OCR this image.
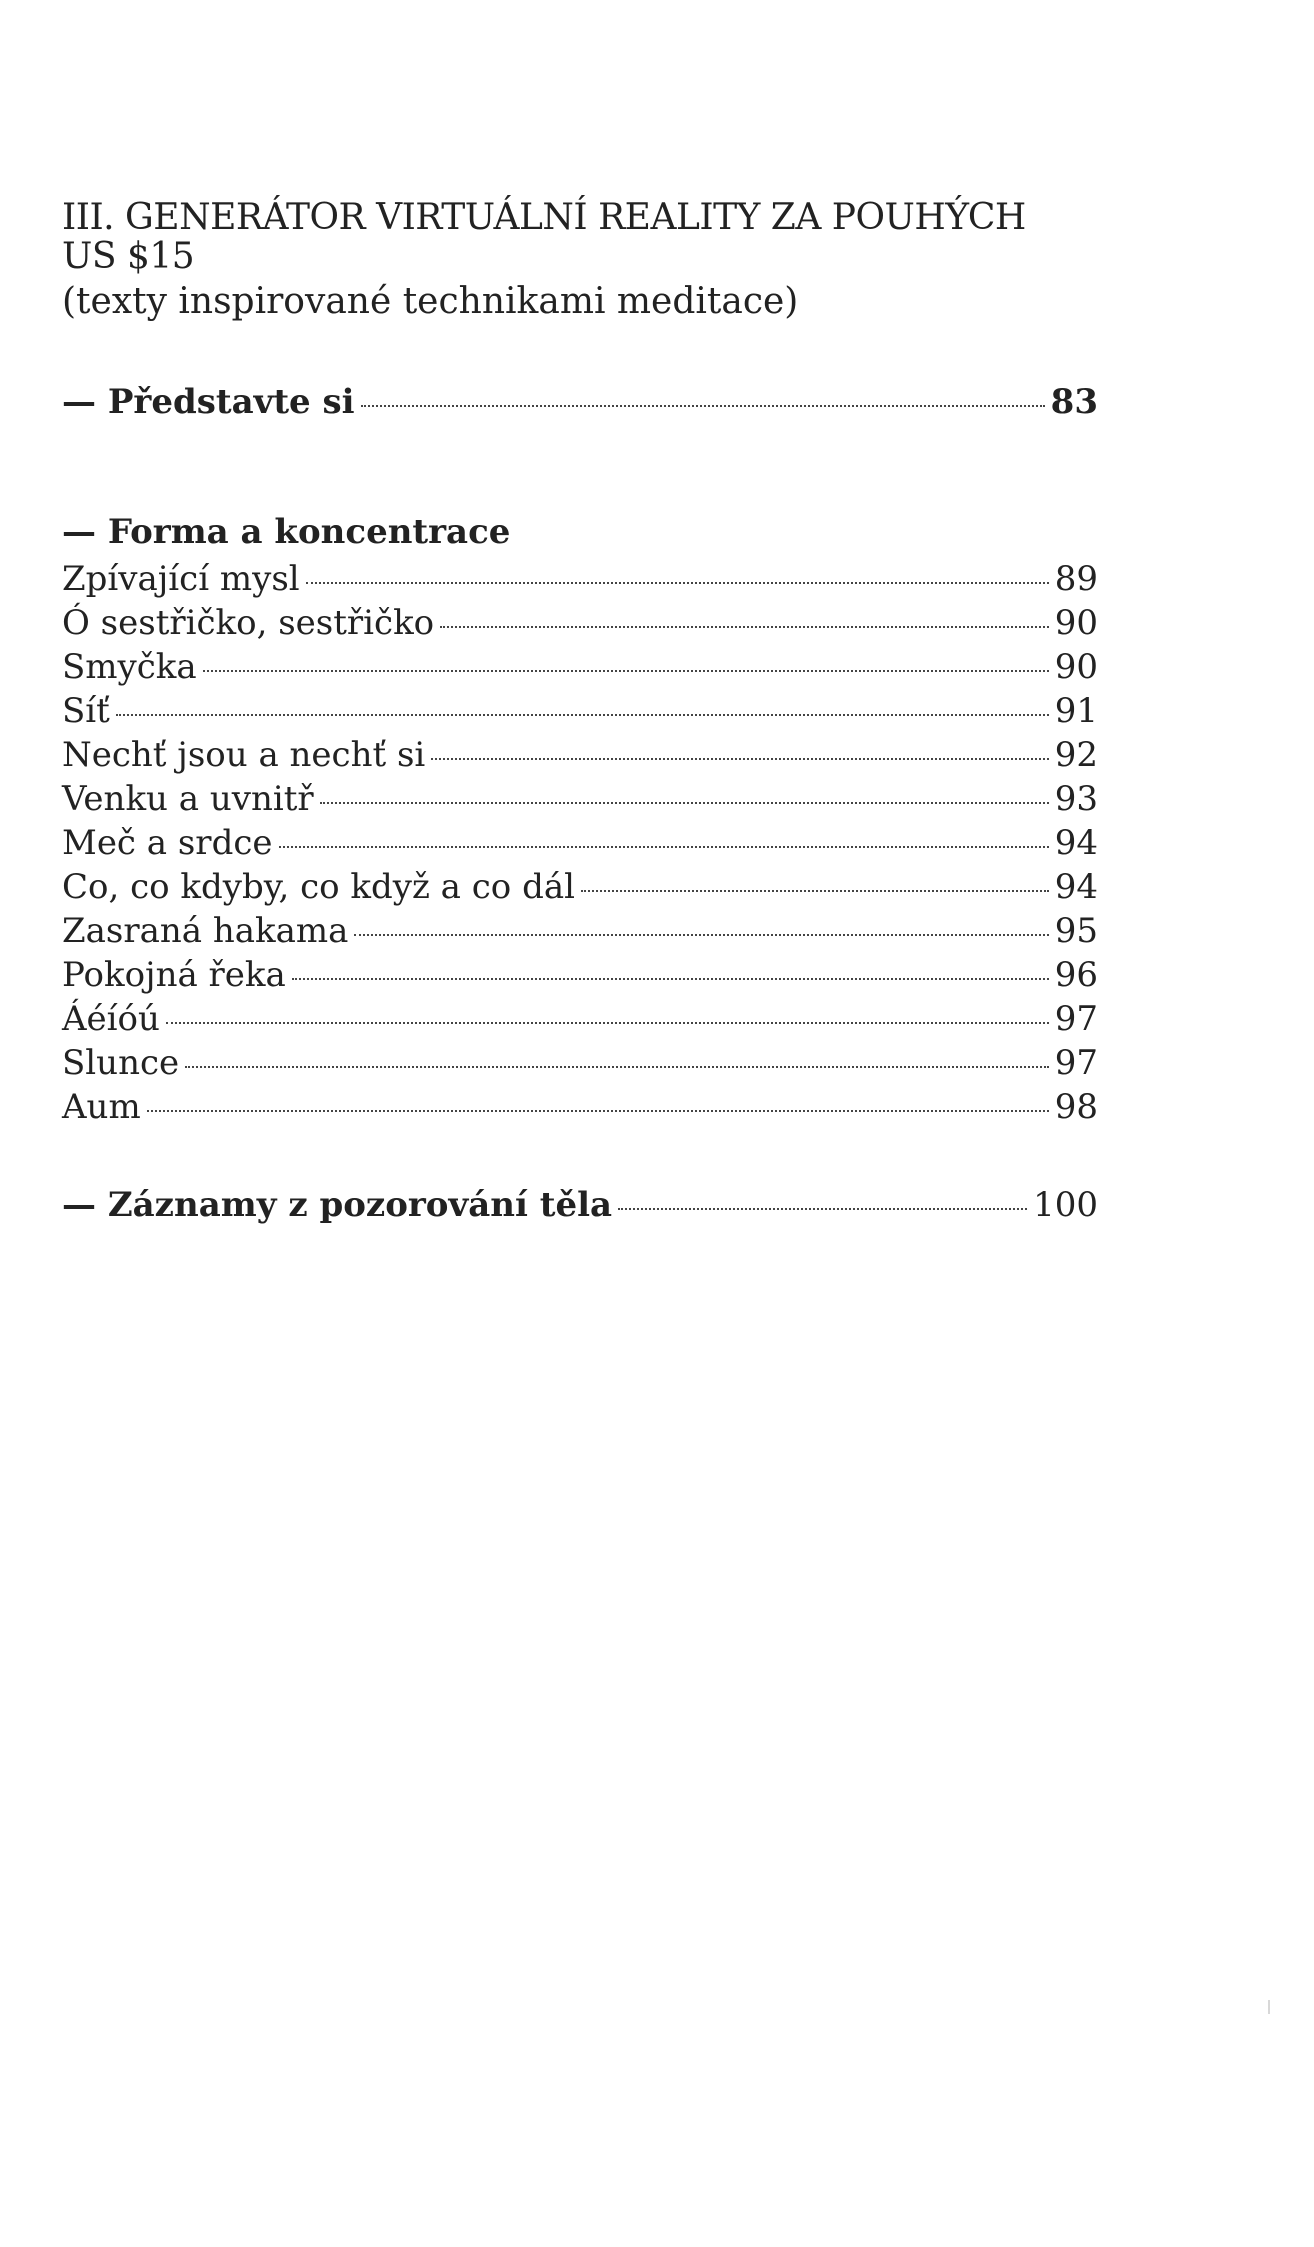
III. GENERÁTOR VIRTUÁLNÍ REALITY ZA POUHÝCH
US $15
(texty inspirované technikami meditace)
— Představte si	83
— Forma a koncentrace
Zpívající mysl	89
Ó sestřičko, sestřičko	90
Smyčka	90
Síť	91
Nechť jsou a nechť si	92
Venku a uvnitř	93
Meč a srdce	94
Co, co kdyby, co když a co dál	94
Zasraná hakama	95
Pokojná řeka	96
Áéíóú	97
Slunce	97
Aum	98
— Záznamy z pozorování těla	100
